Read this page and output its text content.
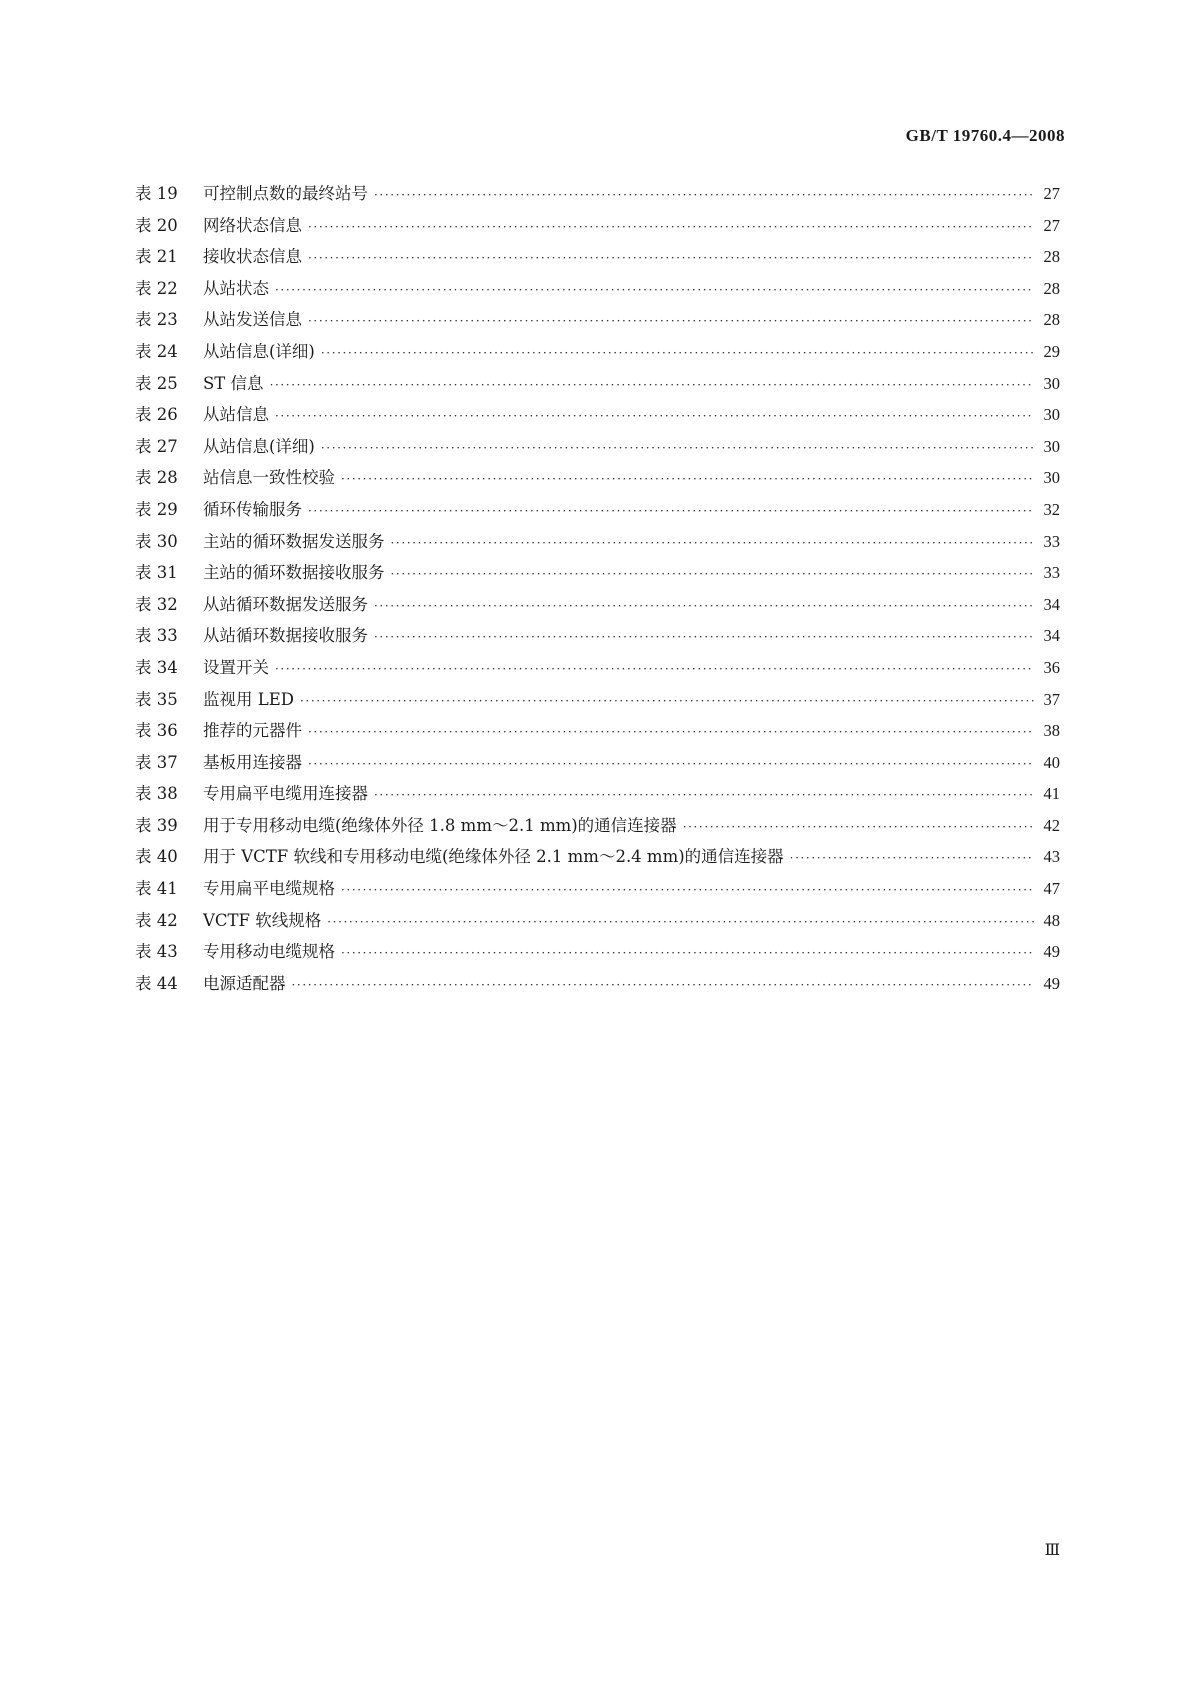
GB/T 19760.4—2008
表 19	可控制点数的最终站号 ·····	27
表 20	网络状态信息 ·····	27
表 21	接收状态信息 ·····	28
表 22	从站状态 ·····	28
表 23	从站发送信息 ·····	28
表 24	从站信息(详细) ·····	29
表 25	ST 信息 ·····	30
表 26	从站信息 ·····	30
表 27	从站信息(详细) ·····	30
表 28	站信息一致性校验 ·····	30
表 29	循环传输服务 ·····	32
表 30	主站的循环数据发送服务 ·····	33
表 31	主站的循环数据接收服务 ·····	33
表 32	从站循环数据发送服务 ·····	34
表 33	从站循环数据接收服务 ·····	34
表 34	设置开关 ·····	36
表 35	监视用 LED ·····	37
表 36	推荐的元器件 ·····	38
表 37	基板用连接器 ·····	40
表 38	专用扁平电缆用连接器 ·····	41
表 39	用于专用移动电缆(绝缘体外径 1.8 mm～2.1 mm)的通信连接器 ·····	42
表 40	用于 VCTF 软线和专用移动电缆(绝缘体外径 2.1 mm～2.4 mm)的通信连接器 ·····	43
表 41	专用扁平电缆规格 ·····	47
表 42	VCTF 软线规格 ·····	48
表 43	专用移动电缆规格 ·····	49
表 44	电源适配器 ·····	49
Ⅲ
